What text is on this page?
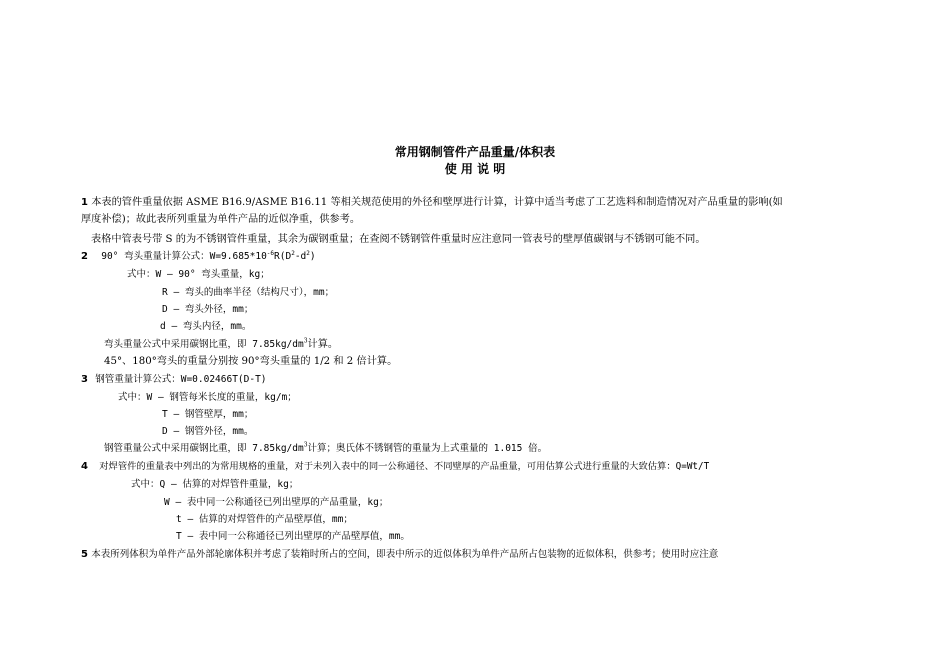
常用钢制管件产品重量/体积表
使 用 说 明
1 本表的管件重量依据 ASME B16.9/ASME B16.11 等相关规范使用的外径和壁厚进行计算，计算中适当考虑了工艺选料和制造情况对产品重量的影响(如
厚度补偿)；故此表所列重量为单件产品的近似净重，供参考。
表格中管表号带 S 的为不锈钢管件重量，其余为碳钢重量；在查阅不锈钢管件重量时应注意同一管表号的壁厚值碳钢与不锈钢可能不同。
2 90° 弯头重量计算公式：$W=9.685*10^{-6}R(D^2-d^2)$
式中：W — 90° 弯头重量，kg；
R — 弯头的曲率半径（结构尺寸），mm；
D — 弯头外径，mm；
d — 弯头内径，mm。
弯头重量公式中采用碳钢比重，即 $7.85kg/dm^3$计算。
45°、180°弯头的重量分别按 90°弯头重量的 1/2 和 2 倍计算。
3 钢管重量计算公式：W=0.02466T(D-T)
式中：W — 钢管每米长度的重量，kg/m；
T — 钢管壁厚，mm；
D — 钢管外径，mm。
钢管重量公式中采用碳钢比重，即 $7.85kg/dm^3$计算；奥氏体不锈钢管的重量为上式重量的 1.015 倍。
4 对焊管件的重量表中列出的为常用规格的重量，对于未列入表中的同一公称通径、不同壁厚的产品重量，可用估算公式进行重量的大致估算：Q=Wt/T
式中：Q — 估算的对焊管件重量，kg；
W — 表中同一公称通径已列出壁厚的产品重量，kg；
t — 估算的对焊管件的产品壁厚值，mm；
T — 表中同一公称通径已列出壁厚的产品壁厚值，mm。
5 本表所列体积为单件产品外部轮廓体积并考虑了装箱时所占的空间，即表中所示的近似体积为单件产品所占包装物的近似体积，供参考；使用时应注意
